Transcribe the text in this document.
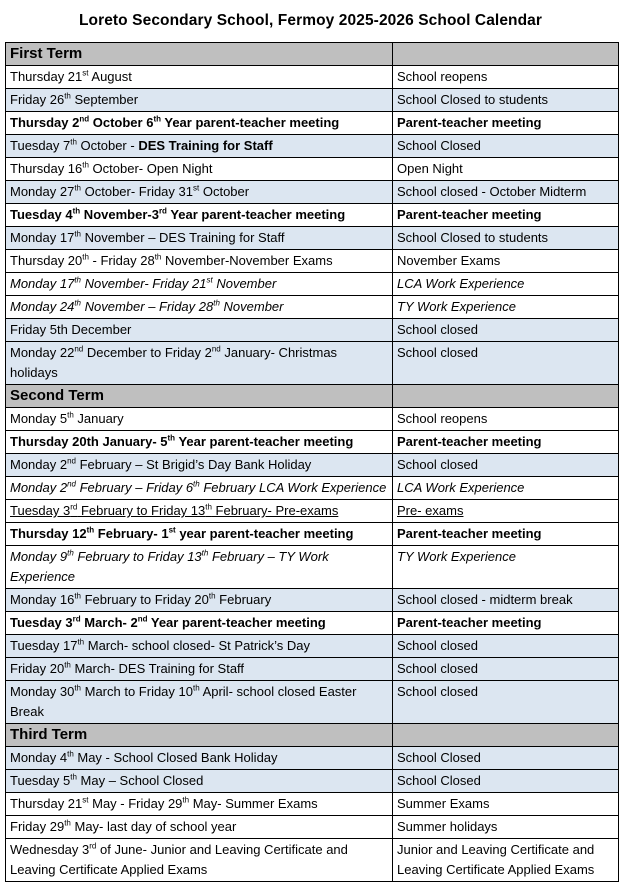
Loreto Secondary School, Fermoy 2025-2026 School Calendar
First Term	
Thursday 21st August	School reopens
Friday 26th September	School Closed to students
Thursday 2nd October 6th Year parent-teacher meeting	Parent-teacher meeting
Tuesday 7th October - DES Training for Staff	School Closed
Thursday 16th October- Open Night	Open Night
Monday 27th October- Friday 31st October	School closed - October Midterm
Tuesday 4th November-3rd Year parent-teacher meeting	Parent-teacher meeting
Monday 17th November – DES Training for Staff	School Closed to students
Thursday 20th - Friday 28th November-November Exams	November Exams
Monday 17th November- Friday 21st November	LCA Work Experience
Monday 24th November – Friday 28th November	TY Work Experience
Friday 5th December	School closed
Monday 22nd December to Friday 2nd January- Christmas holidays	School closed
Second Term	
Monday 5th January	School reopens
Thursday 20th January- 5th Year parent-teacher meeting	Parent-teacher meeting
Monday 2nd February – St Brigid’s Day Bank Holiday	School closed
Monday 2nd February – Friday 6th February LCA Work Experience	LCA Work Experience
Tuesday 3rd February to Friday 13th February- Pre-exams	Pre- exams
Thursday 12th February- 1st year parent-teacher meeting	Parent-teacher meeting
Monday 9th February to Friday 13th February – TY Work Experience	TY Work Experience
Monday 16th February to Friday 20th February	School closed - midterm break
Tuesday 3rd March- 2nd Year parent-teacher meeting	Parent-teacher meeting
Tuesday 17th March- school closed- St Patrick’s Day	School closed
Friday 20th March- DES Training for Staff	School closed
Monday 30th March to Friday 10th April- school closed Easter Break	School closed
Third Term	
Monday 4th May - School Closed Bank Holiday	School Closed
Tuesday 5th May – School Closed	School Closed
Thursday 21st May - Friday 29th May- Summer Exams	Summer Exams
Friday 29th May- last day of school year	Summer holidays
Wednesday 3rd of June- Junior and Leaving Certificate and Leaving Certificate Applied Exams	Junior and Leaving Certificate and Leaving Certificate Applied Exams
